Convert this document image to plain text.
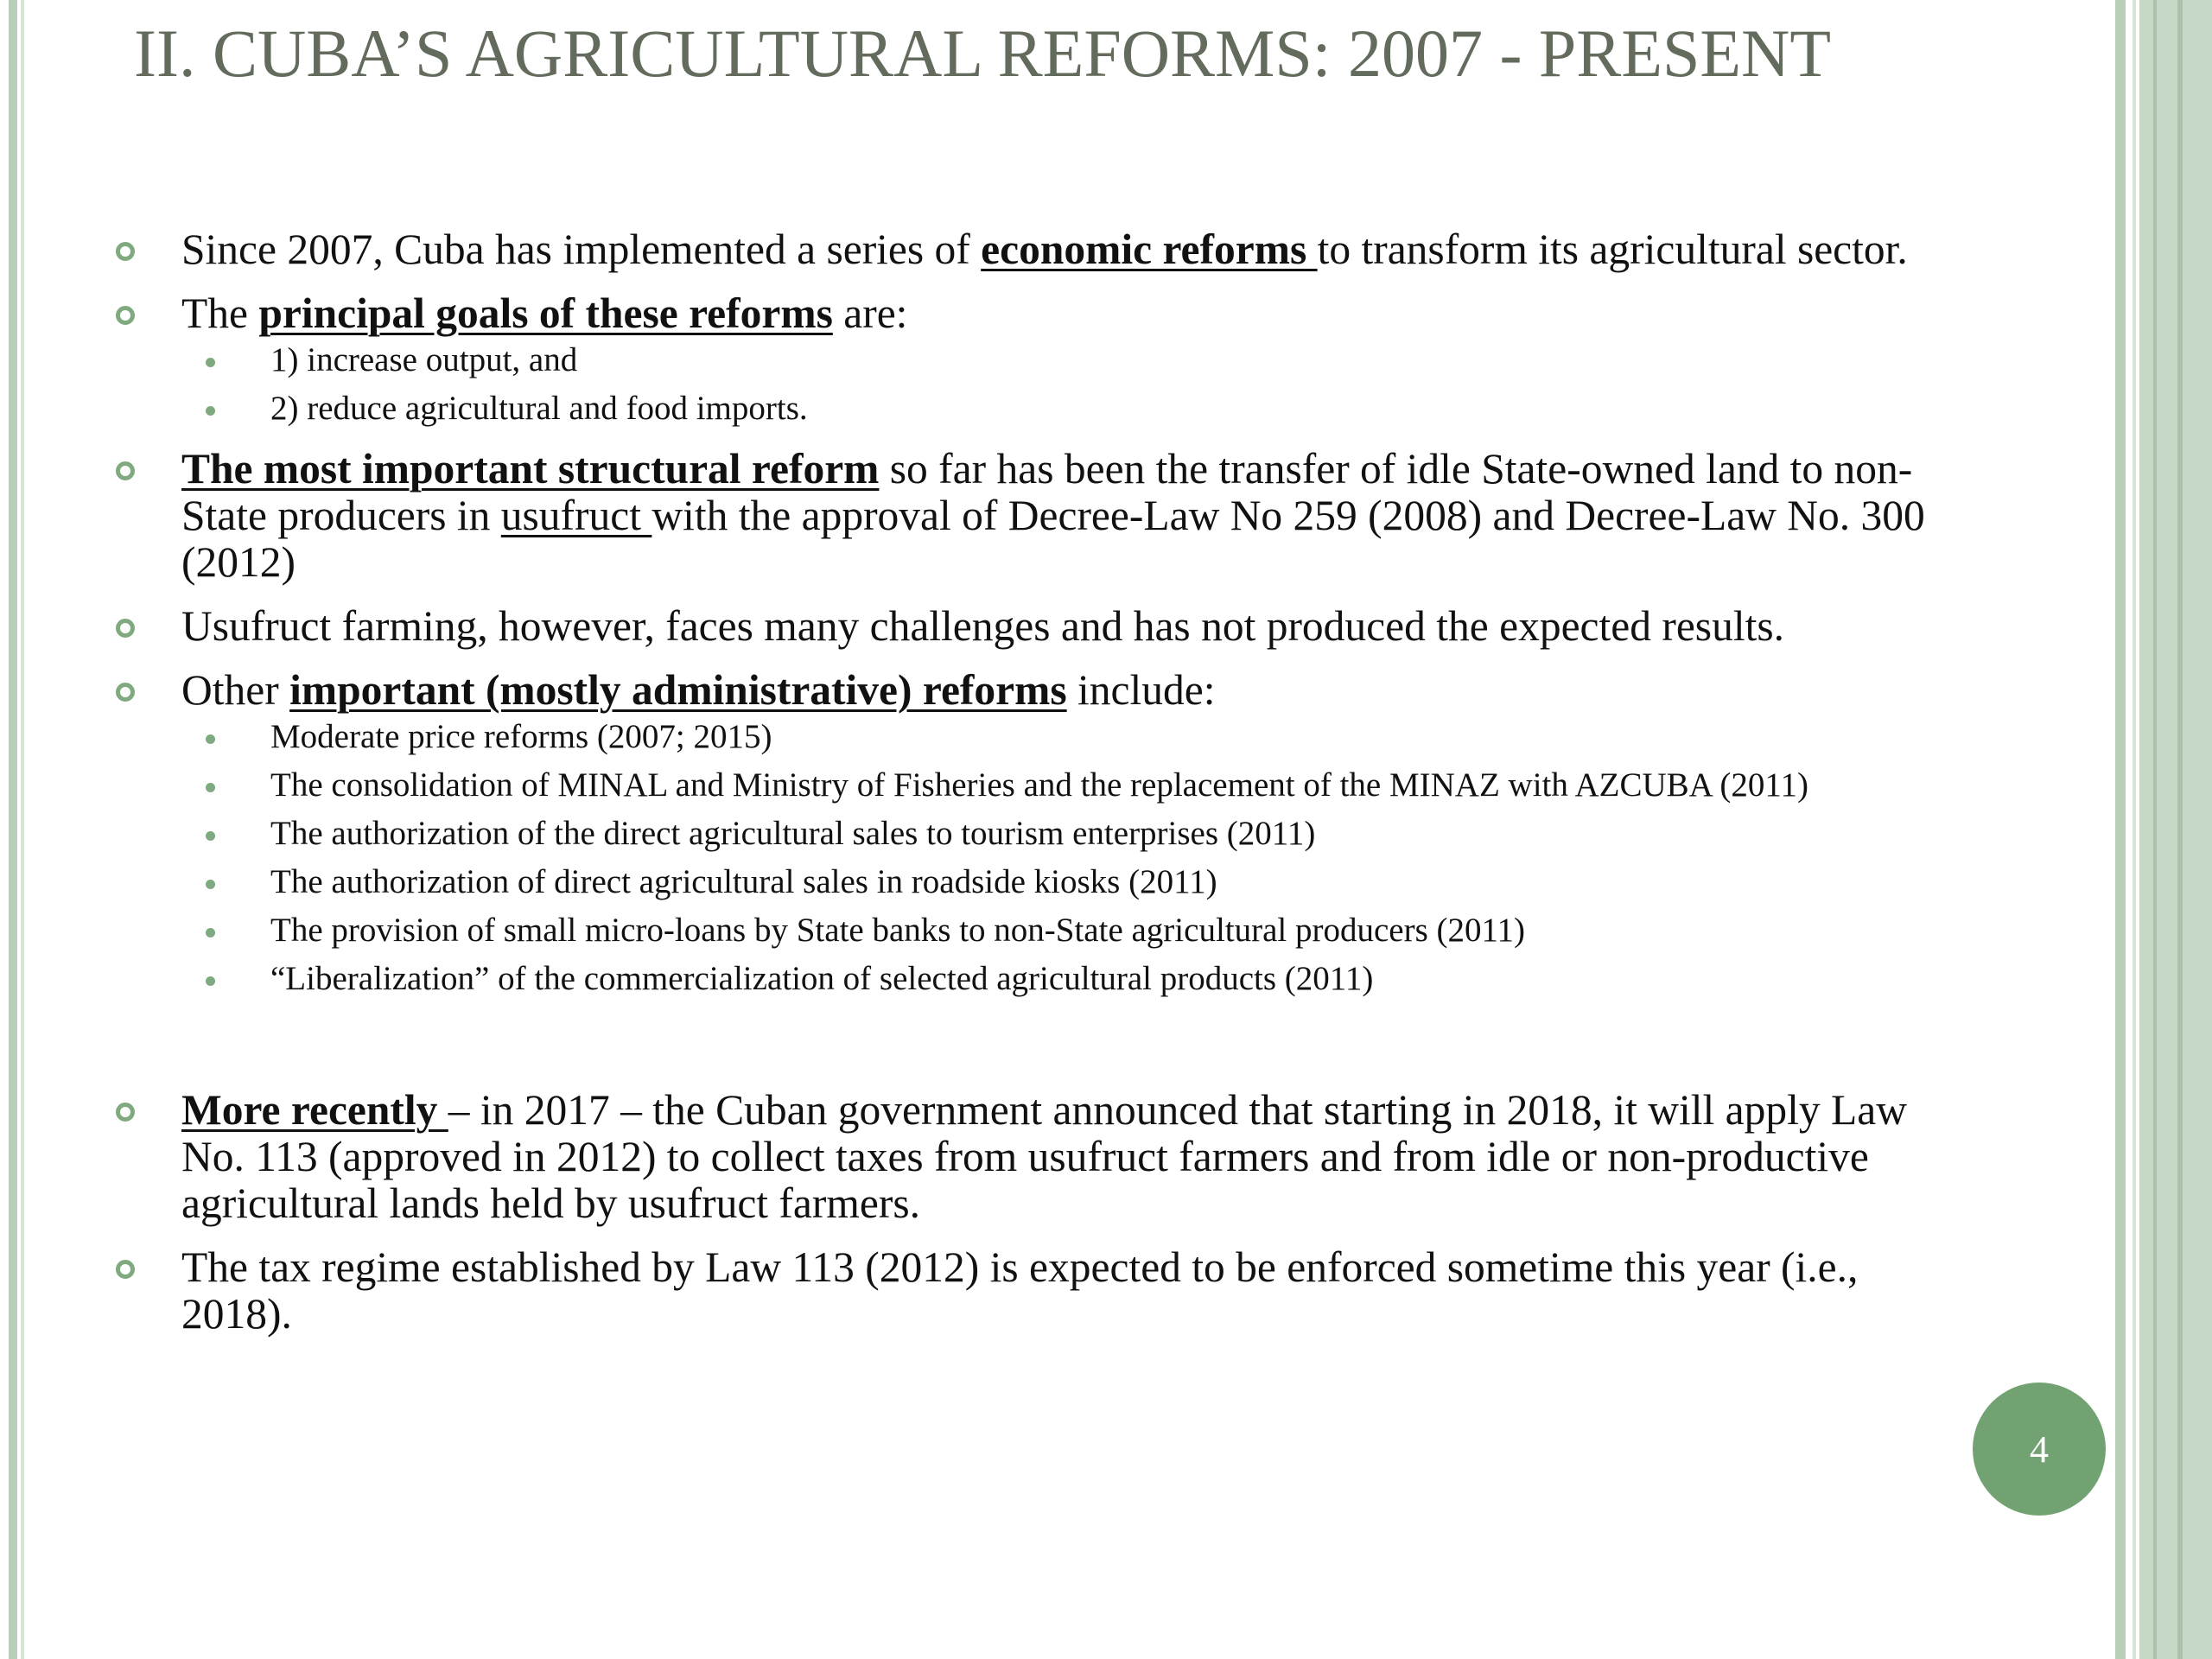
II. CUBA’S AGRICULTURAL REFORMS: 2007 - PRESENT
Since 2007, Cuba has implemented a series of economic reforms to transform its agricultural sector.
The principal goals of these reforms are:
1) increase output, and
2) reduce agricultural and food imports.
The most important structural reform so far has been the transfer of idle State-owned land to non-State producers in usufruct with the approval of Decree-Law No 259 (2008) and Decree-Law No. 300 (2012)
Usufruct farming, however, faces many challenges and has not produced the expected results.
Other important (mostly administrative) reforms include:
Moderate price reforms (2007; 2015)
The consolidation of MINAL and Ministry of Fisheries and the replacement of the MINAZ with AZCUBA (2011)
The authorization of the direct agricultural sales to tourism enterprises (2011)
The authorization of direct agricultural sales in roadside kiosks (2011)
The provision of small micro-loans by State banks to non-State agricultural producers (2011)
“Liberalization” of the commercialization of selected agricultural products (2011)
More recently – in 2017 – the Cuban government announced that starting in 2018, it will apply Law No. 113 (approved in 2012) to collect taxes from usufruct farmers and from idle or non-productive agricultural lands held by usufruct farmers.
The tax regime established by Law 113 (2012) is expected to be enforced sometime this year (i.e., 2018).
4
